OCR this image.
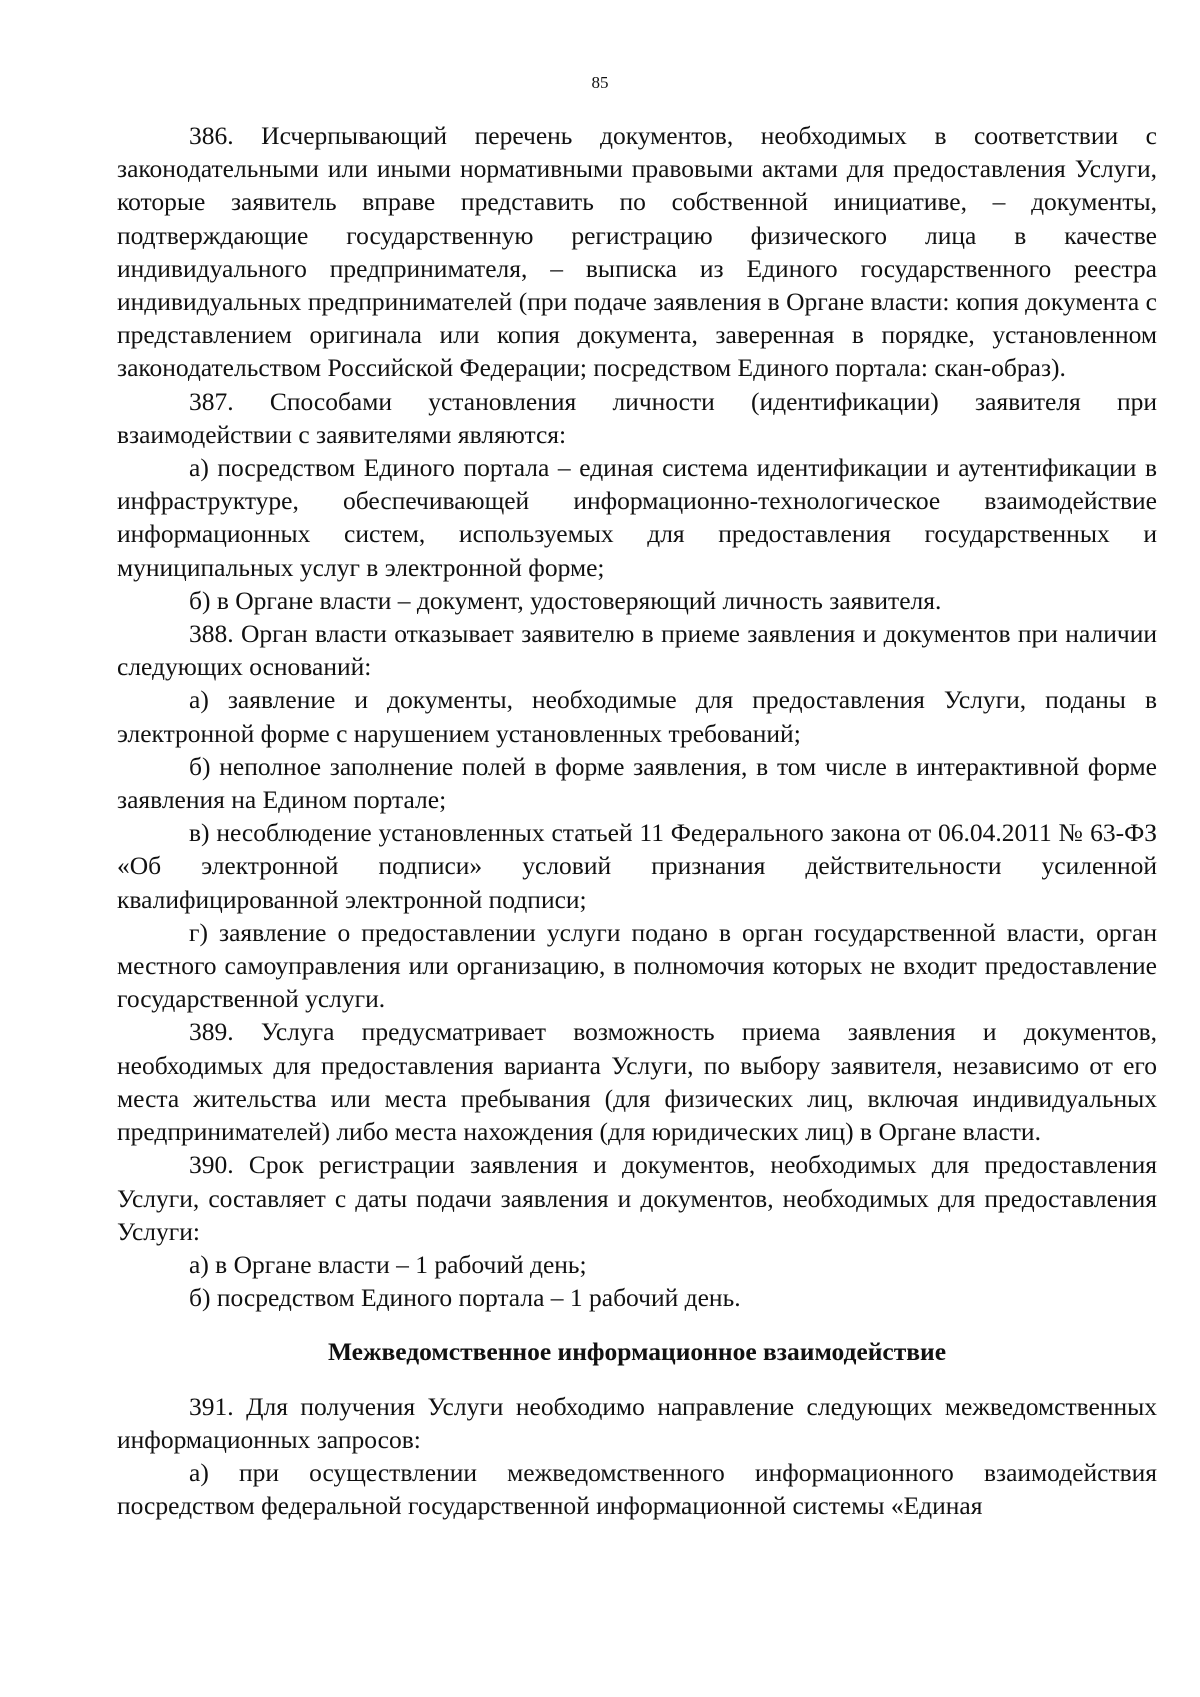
85

386. Исчерпывающий перечень документов, необходимых в соответствии с законодательными или иными нормативными правовыми актами для предоставления Услуги, которые заявитель вправе представить по собственной инициативе, – документы, подтверждающие государственную регистрацию физического лица в качестве индивидуального предпринимателя, – выписка из Единого государственного реестра индивидуальных предпринимателей (при подаче заявления в Органе власти: копия документа с представлением оригинала или копия документа, заверенная в порядке, установленном законодательством Российской Федерации; посредством Единого портала: скан-образ).

387. Способами установления личности (идентификации) заявителя при взаимодействии с заявителями являются:

а) посредством Единого портала – единая система идентификации и аутентификации в инфраструктуре, обеспечивающей информационно-технологическое взаимодействие информационных систем, используемых для предоставления государственных и муниципальных услуг в электронной форме;

б) в Органе власти – документ, удостоверяющий личность заявителя.

388. Орган власти отказывает заявителю в приеме заявления и документов при наличии следующих оснований:

а) заявление и документы, необходимые для предоставления Услуги, поданы в электронной форме с нарушением установленных требований;

б) неполное заполнение полей в форме заявления, в том числе в интерактивной форме заявления на Едином портале;

в) несоблюдение установленных статьей 11 Федерального закона от 06.04.2011 № 63-ФЗ «Об электронной подписи» условий признания действительности усиленной квалифицированной электронной подписи;

г) заявление о предоставлении услуги подано в орган государственной власти, орган местного самоуправления или организацию, в полномочия которых не входит предоставление государственной услуги.

389. Услуга предусматривает возможность приема заявления и документов, необходимых для предоставления варианта Услуги, по выбору заявителя, независимо от его места жительства или места пребывания (для физических лиц, включая индивидуальных предпринимателей) либо места нахождения (для юридических лиц) в Органе власти.

390. Срок регистрации заявления и документов, необходимых для предоставления Услуги, составляет с даты подачи заявления и документов, необходимых для предоставления Услуги:

а) в Органе власти – 1 рабочий день;

б) посредством Единого портала – 1 рабочий день.

Межведомственное информационное взаимодействие

391. Для получения Услуги необходимо направление следующих межведомственных информационных запросов:

а) при осуществлении межведомственного информационного взаимодействия посредством федеральной государственной информационной системы «Единая
